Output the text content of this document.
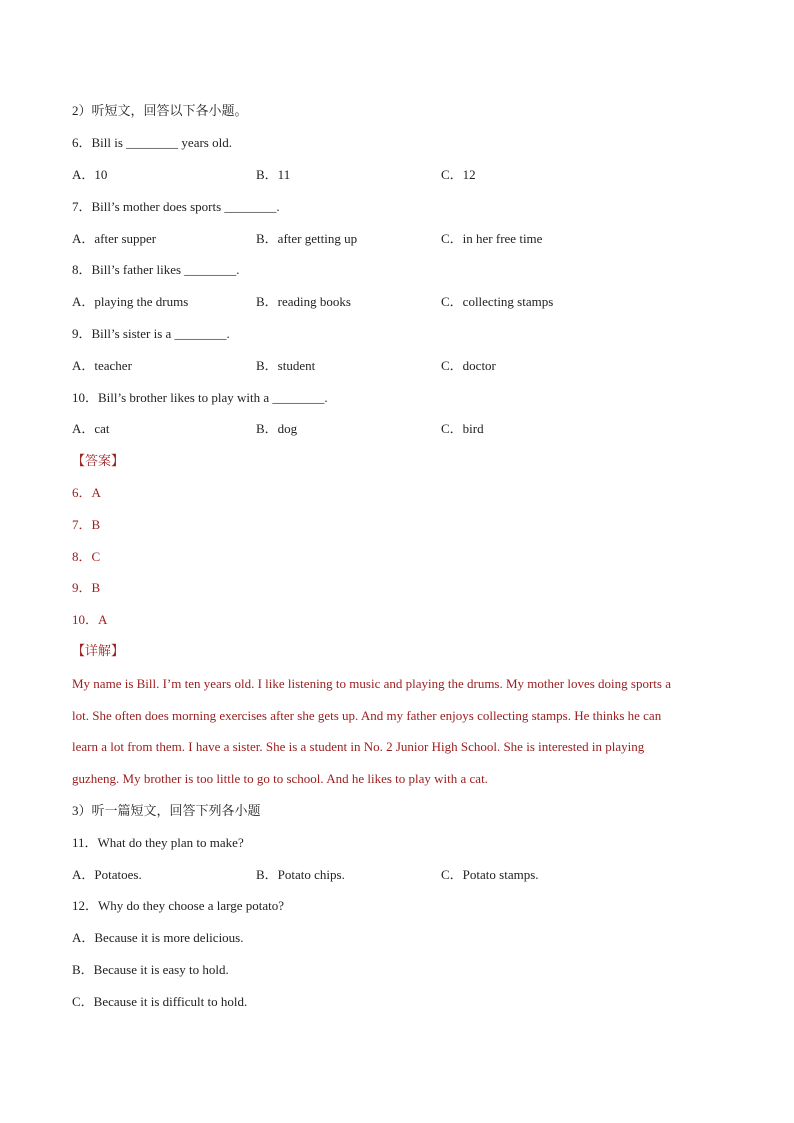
2）听短文，回答以下各小题。
6．Bill is ________ years old.
A．10	B．11	C．12
7．Bill’s mother does sports ________.
A．after supper	B．after getting up	C．in her free time
8．Bill’s father likes ________.
A．playing the drums	B．reading books	C．collecting stamps
9．Bill’s sister is a ________.
A．teacher	B．student	C．doctor
10．Bill’s brother likes to play with a ________.
A．cat	B．dog	C．bird
【答案】
6．A
7．B
8．C
9．B
10．A
【详解】
My name is Bill. I’m ten years old. I like listening to music and playing the drums. My mother loves doing sports a
lot. She often does morning exercises after she gets up. And my father enjoys collecting stamps. He thinks he can
learn a lot from them. I have a sister. She is a student in No. 2 Junior High School. She is interested in playing
guzheng. My brother is too little to go to school. And he likes to play with a cat.
3）听一篇短文，回答下列各小题
11．What do they plan to make?
A．Potatoes.	B．Potato chips.	C．Potato stamps.
12．Why do they choose a large potato?
A．Because it is more delicious.
B．Because it is easy to hold.
C．Because it is difficult to hold.
